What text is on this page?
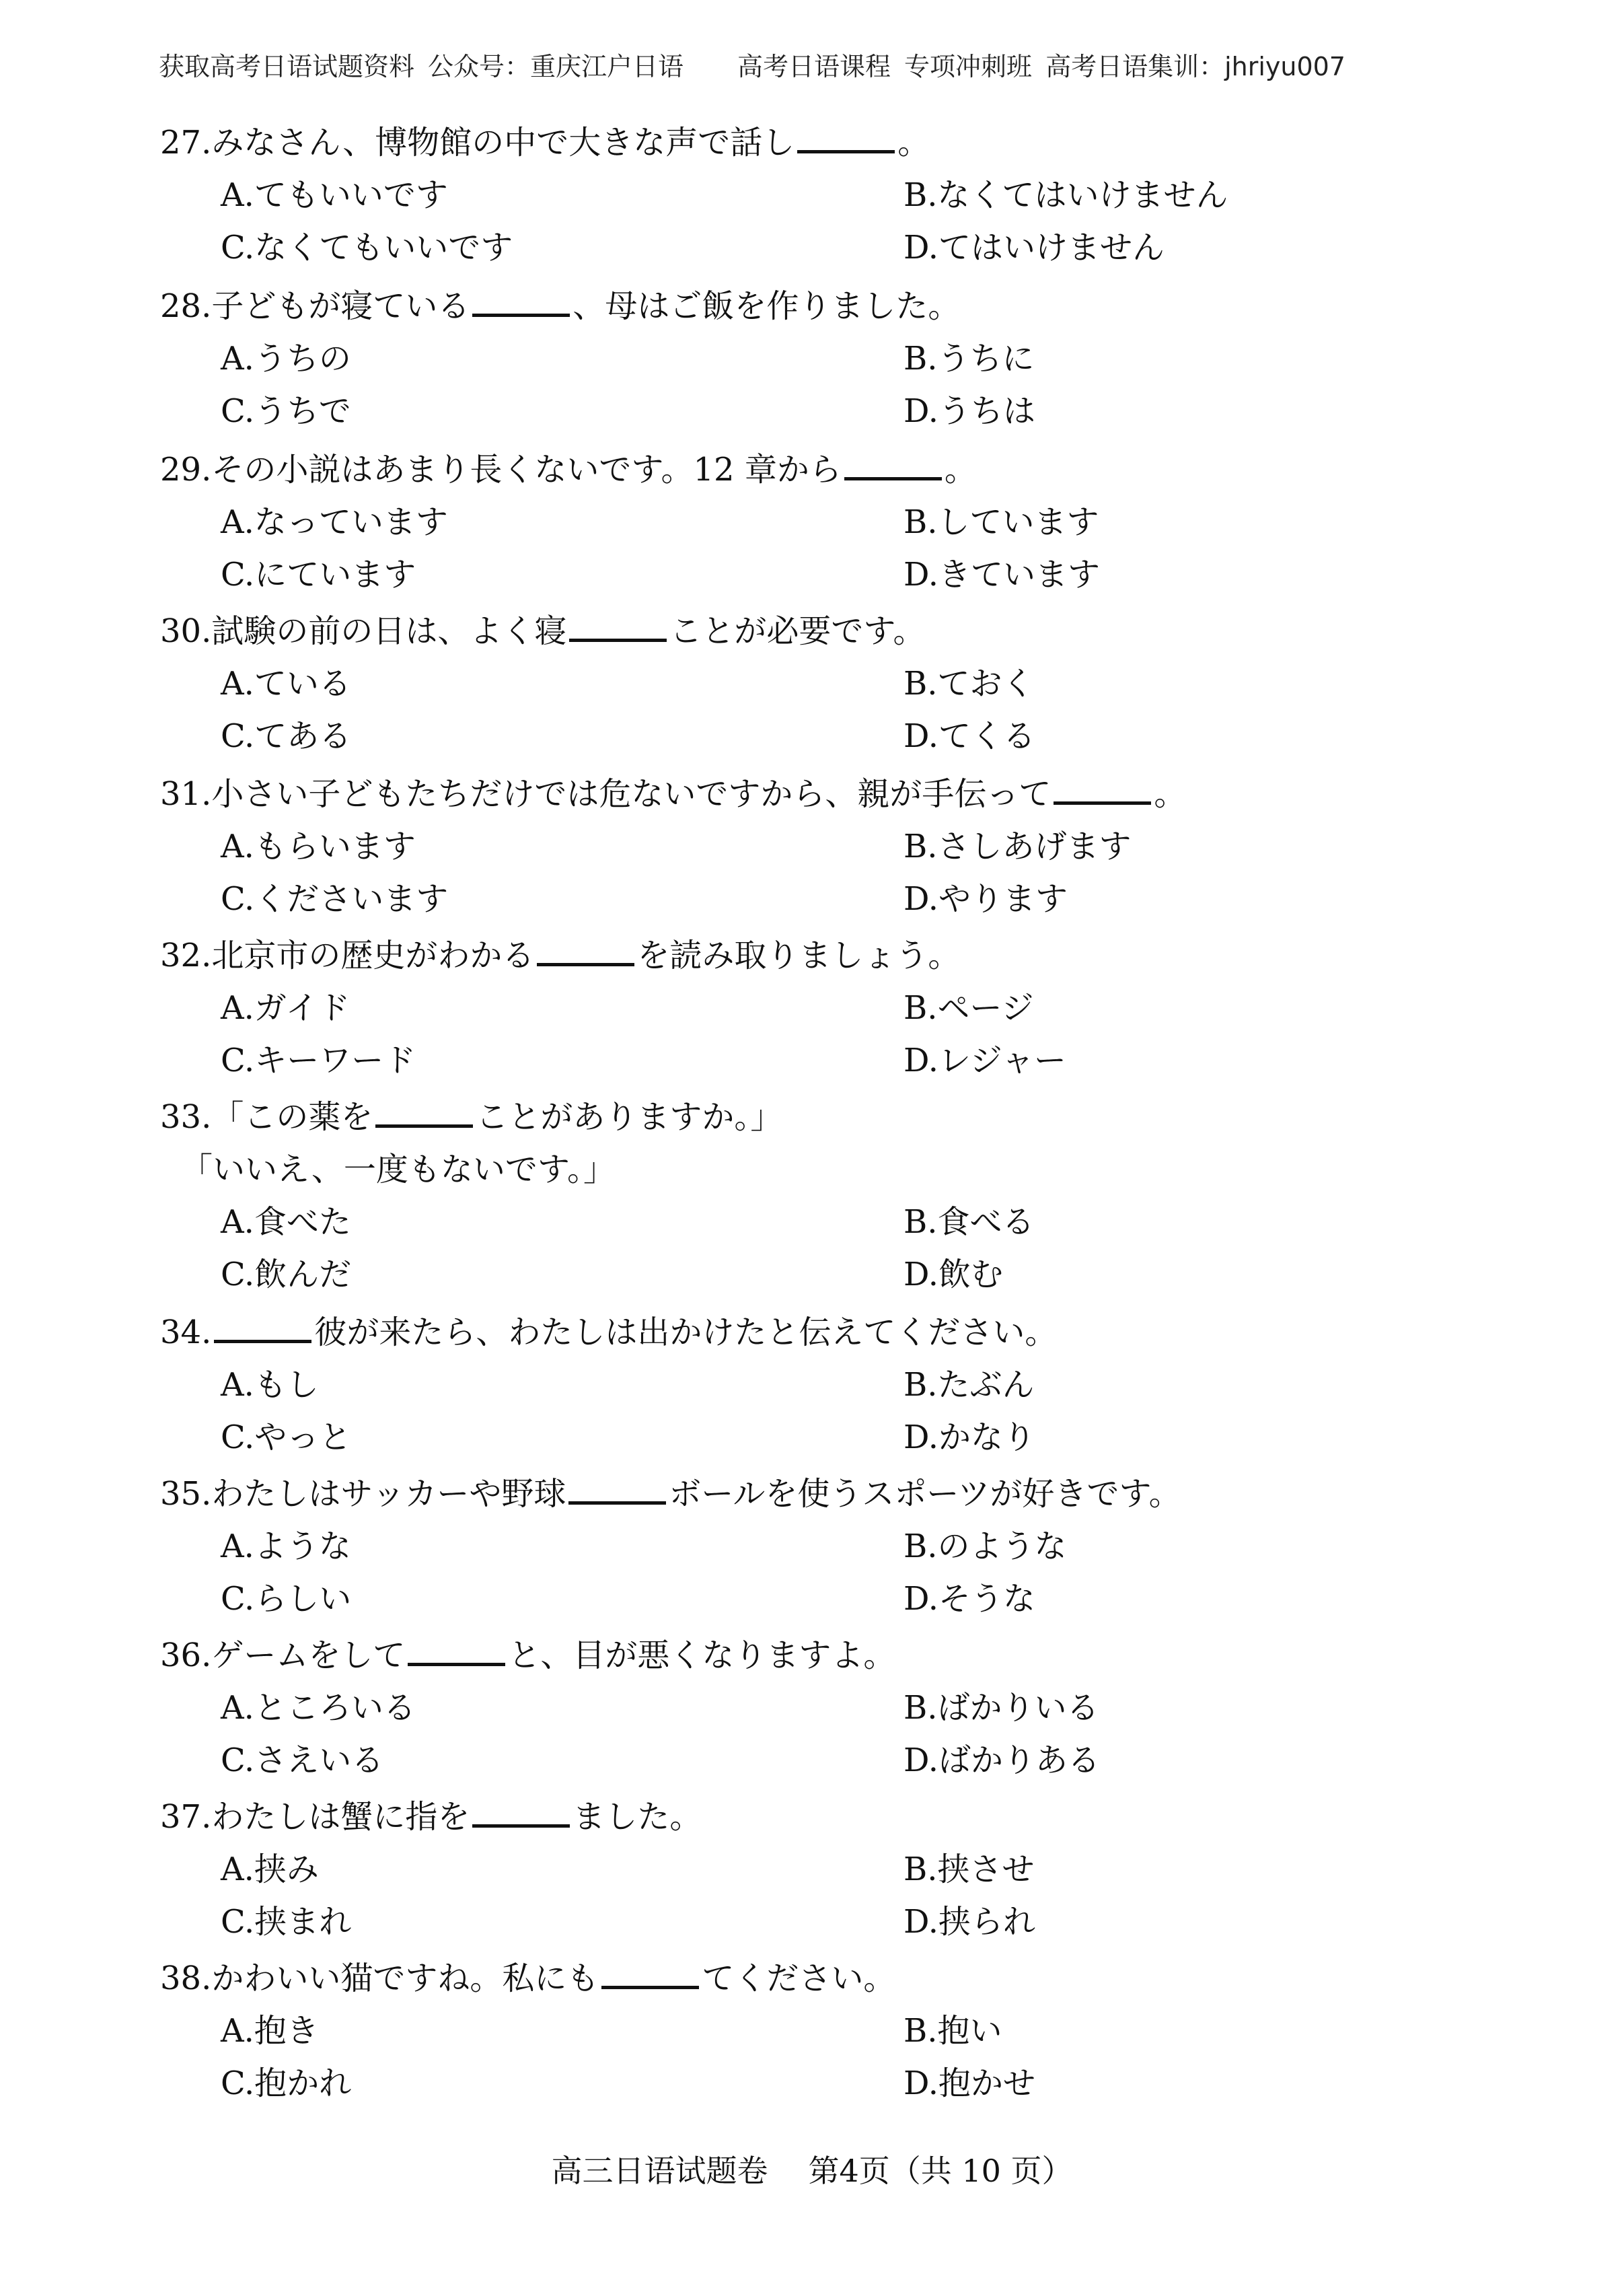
获取高考日语试题资料 公众号：重庆江户日语 高考日语课程 专项冲刺班 高考日语集训：jhriyu007
27.みなさん、博物館の中で大きな声で話し	。
A.てもいいです	B.なくてはいけません
C.なくてもいいです	D.てはいけません
28.子どもが寝ている	、母はご飯を作りました。
A.うちの	B.うちに
C.うちで	D.うちは
29.その小説はあまり長くないです。12 章から	。
A.なっています	B.しています
C.にています	D.きています
30.試験の前の日は、よく寝	ことが必要です。
A.ている	B.ておく
C.てある	D.てくる
31.小さい子どもたちだけでは危ないですから、親が手伝って	。
A.もらいます	B.さしあげます
C.くださいます	D.やります
32.北京市の歴史がわかる	を読み取りましょう。
A.ガイド	B.ページ
C.キーワード	D.レジャー
33.「この薬を	ことがありますか。」
「いいえ、一度もないです。」
A.食べた	B.食べる
C.飲んだ	D.飲む
34.	彼が来たら、わたしは出かけたと伝えてください。
A.もし	B.たぶん
C.やっと	D.かなり
35.わたしはサッカーや野球	ボールを使うスポーツが好きです。
A.ような	B.のような
C.らしい	D.そうな
36.ゲームをして	と、目が悪くなりますよ。
A.ところいる	B.ばかりいる
C.さえいる	D.ばかりある
37.わたしは蟹に指を	ました。
A.挟み	B.挟させ
C.挟まれ	D.挟られ
38.かわいい猫ですね。私にも	てください。
A.抱き	B.抱い
C.抱かれ	D.抱かせ
高三日语试题卷 第4页（共 10 页）
